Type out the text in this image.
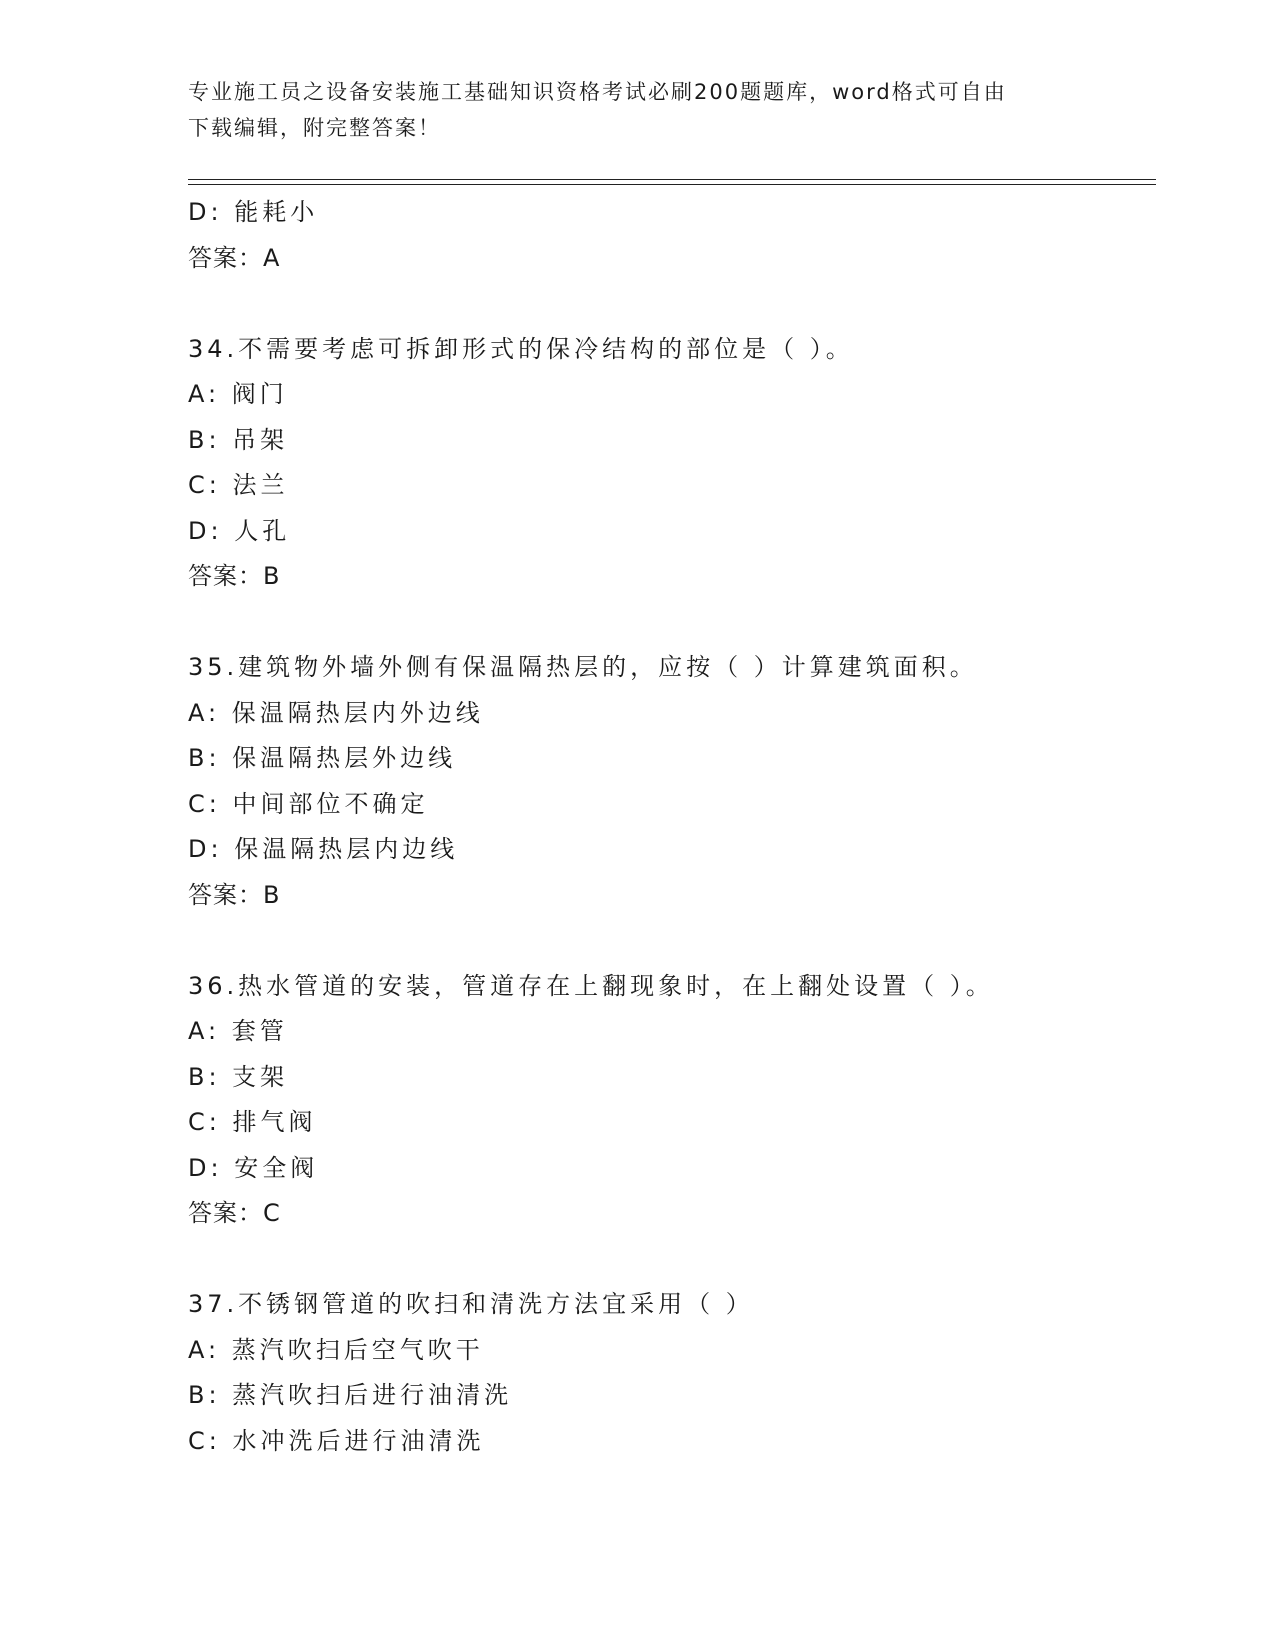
专业施工员之设备安装施工基础知识资格考试必刷200题题库，word格式可自由
下载编辑，附完整答案！
D: 能耗小
答案：A
34.不需要考虑可拆卸形式的保冷结构的部位是（ ）。
A: 阀门
B: 吊架
C: 法兰
D: 人孔
答案：B
35.建筑物外墙外侧有保温隔热层的，应按（ ）计算建筑面积。
A: 保温隔热层内外边线
B: 保温隔热层外边线
C: 中间部位不确定
D: 保温隔热层内边线
答案：B
36.热水管道的安装，管道存在上翻现象时，在上翻处设置（ ）。
A: 套管
B: 支架
C: 排气阀
D: 安全阀
答案：C
37.不锈钢管道的吹扫和清洗方法宜采用（ ）
A: 蒸汽吹扫后空气吹干
B: 蒸汽吹扫后进行油清洗
C: 水冲洗后进行油清洗
